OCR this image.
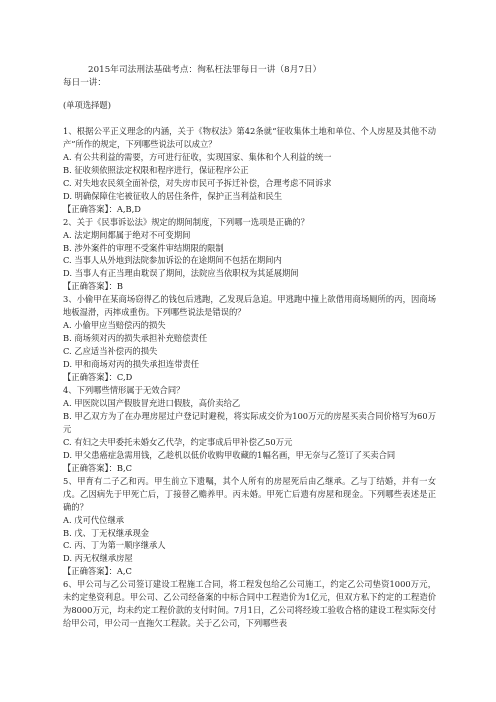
2015年司法刑法基础考点：徇私枉法罪每日一讲（8月7日）
每日一讲：

(单项选择题)

1、根据公平正义理念的内涵，关于《物权法》第42条就“征收集体土地和单位、个人房屋及其他不动产”所作的规定，下列哪些说法可以成立？

A. 有公共利益的需要，方可进行征收，实现国家、集体和个人利益的统一

B. 征收须依照法定权限和程序进行，保证程序公正

C. 对失地农民须全面补偿，对失房市民可予拆迁补偿，合理考虑不同诉求

D. 明确保障住宅被征收人的居住条件，保护正当利益和民生

【正确答案】：A,B,D

2、关于《民事诉讼法》规定的期间制度，下列哪一选项是正确的？

A. 法定期间都属于绝对不可变期间

B. 涉外案件的审理不受案件审结期限的限制

C. 当事人从外地到法院参加诉讼的在途期间不包括在期间内

D. 当事人有正当理由耽误了期间，法院应当依职权为其延展期间

【正确答案】：B

3、小偷甲在某商场窃得乙的钱包后逃跑，乙发现后急追。甲逃跑中撞上欲借用商场厕所的丙，因商场地板湿滑，丙摔成重伤。下列哪些说法是错误的？

A. 小偷甲应当赔偿丙的损失

B. 商场须对丙的损失承担补充赔偿责任

C. 乙应适当补偿丙的损失

D. 甲和商场对丙的损失承担连带责任

【正确答案】：C,D

4、下列哪些情形属于无效合同？

A. 甲医院以国产假肢冒充进口假肢，高价卖给乙

B. 甲乙双方为了在办理房屋过户登记时避税，将实际成交价为100万元的房屋买卖合同价格写为60万元

C. 有妇之夫甲委托未婚女乙代孕，约定事成后甲补偿乙50万元

D. 甲父患癌症急需用钱，乙趁机以低价收购甲收藏的1幅名画，甲无奈与乙签订了买卖合同

【正确答案】：B,C

5、甲育有二子乙和丙。甲生前立下遗嘱，其个人所有的房屋死后由乙继承。乙与丁结婚，并有一女戊。乙因病先于甲死亡后，丁接替乙赡养甲。丙未婚。甲死亡后遗有房屋和现金。下列哪些表述是正确的？

A. 戊可代位继承

B. 戊、丁无权继承现金

C. 丙、丁为第一顺序继承人

D. 丙无权继承房屋

【正确答案】：A,C

6、甲公司与乙公司签订建设工程施工合同，将工程发包给乙公司施工，约定乙公司垫资1000万元，未约定垫资利息。甲公司、乙公司经备案的中标合同中工程造价为1亿元，但双方私下约定的工程造价为8000万元，均未约定工程价款的支付时间。7月1日，乙公司将经竣工验收合格的建设工程实际交付给甲公司，甲公司一直拖欠工程款。关于乙公司，下列哪些表
